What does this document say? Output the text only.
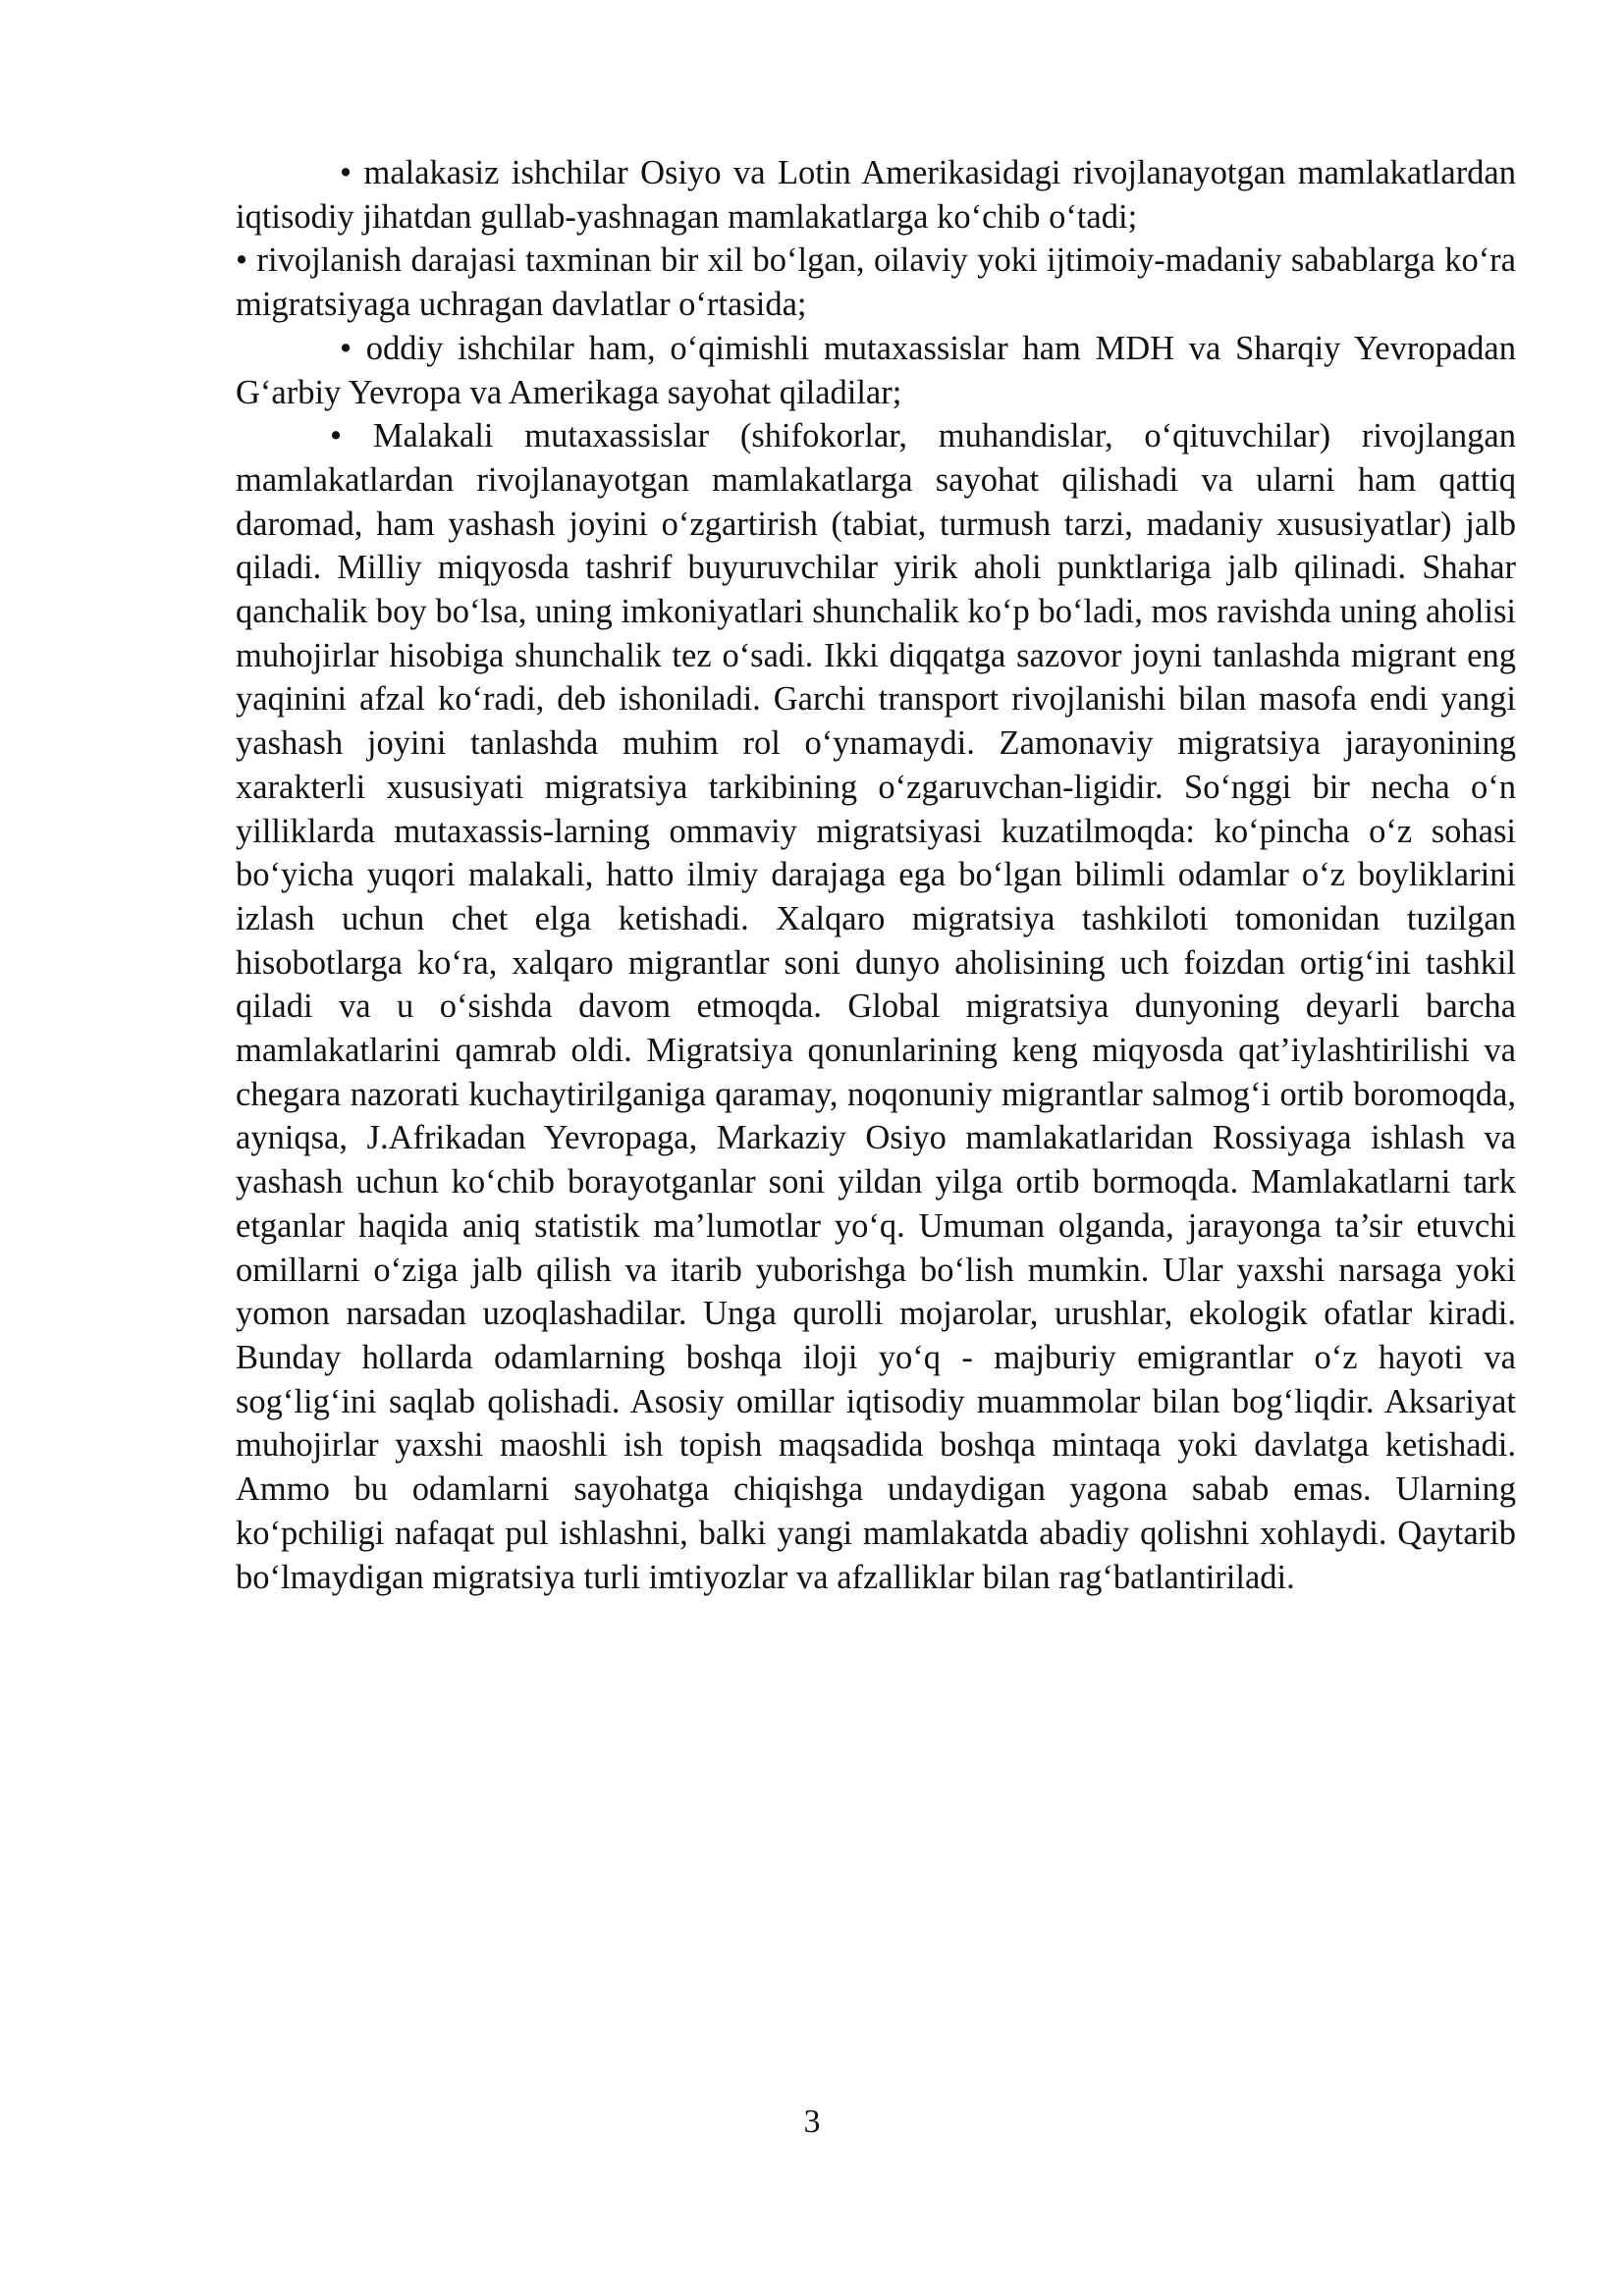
• malakasiz ishchilar Osiyo va Lotin Amerikasidagi rivojlanayotgan mamlakatlardan iqtisodiy jihatdan gullab-yashnagan mamlakatlarga ko‘chib o‘tadi;

• rivojlanish darajasi taxminan bir xil bo‘lgan, oilaviy yoki ijtimoiy-madaniy sabablarga ko‘ra migratsiyaga uchragan davlatlar o‘rtasida;

• oddiy ishchilar ham, o‘qimishli mutaxassislar ham MDH va Sharqiy Yevropadan G‘arbiy Yevropa va Amerikaga sayohat qiladilar;

• Malakali mutaxassislar (shifokorlar, muhandislar, o‘qituvchilar) rivojlangan mamlakatlardan rivojlanayotgan mamlakatlarga sayohat qilishadi va ularni ham qattiq daromad, ham yashash joyini o‘zgartirish (tabiat, turmush tarzi, madaniy xususiyatlar) jalb qiladi. Milliy miqyosda tashrif buyuruvchilar yirik aholi punktlariga jalb qilinadi. Shahar qanchalik boy bo‘lsa, uning imkoniyatlari shunchalik ko‘p bo‘ladi, mos ravishda uning aholisi muhojirlar hisobiga shunchalik tez o‘sadi. Ikki diqqatga sazovor joyni tanlashda migrant eng yaqinini afzal ko‘radi, deb ishoniladi. Garchi transport rivojlanishi bilan masofa endi yangi yashash joyini tanlashda muhim rol o‘ynamaydi. Zamonaviy migratsiya jarayonining xarakterli xususiyati migratsiya tarkibining o‘zgaruvchan-ligidir. So‘nggi bir necha o‘n yilliklarda mutaxassis-larning ommaviy migratsiyasi kuzatilmoqda: ko‘pincha o‘z sohasi bo‘yicha yuqori malakali, hatto ilmiy darajaga ega bo‘lgan bilimli odamlar o‘z boyliklarini izlash uchun chet elga ketishadi. Xalqaro migratsiya tashkiloti tomonidan tuzilgan hisobotlarga ko‘ra, xalqaro migrantlar soni dunyo aholisining uch foizdan ortig‘ini tashkil qiladi va u o‘sishda davom etmoqda. Global migratsiya dunyoning deyarli barcha mamlakatlarini qamrab oldi. Migratsiya qonunlarining keng miqyosda qat’iylashtirilishi va chegara nazorati kuchaytirilganiga qaramay, noqonuniy migrantlar salmog‘i ortib boromoqda, ayniqsa, J.Afrikadan Yevropaga, Markaziy Osiyo mamlakatlaridan Rossiyaga ishlash va yashash uchun ko‘chib borayotganlar soni yildan yilga ortib bormoqda. Mamlakatlarni tark etganlar haqida aniq statistik ma’lumotlar yo‘q. Umuman olganda, jarayonga ta’sir etuvchi omillarni o‘ziga jalb qilish va itarib yuborishga bo‘lish mumkin. Ular yaxshi narsaga yoki yomon narsadan uzoqlashadilar. Unga qurolli mojarolar, urushlar, ekologik ofatlar kiradi. Bunday hollarda odamlarning boshqa iloji yo‘q - majburiy emigrantlar o‘z hayoti va sog‘lig‘ini saqlab qolishadi. Asosiy omillar iqtisodiy muammolar bilan bog‘liqdir. Aksariyat muhojirlar yaxshi maoshli ish topish maqsadida boshqa mintaqa yoki davlatga ketishadi. Ammo bu odamlarni sayohatga chiqishga undaydigan yagona sabab emas. Ularning ko‘pchiligi nafaqat pul ishlashni, balki yangi mamlakatda abadiy qolishni xohlaydi. Qaytarib bo‘lmaydigan migratsiya turli imtiyozlar va afzalliklar bilan rag‘batlantiriladi.

3
